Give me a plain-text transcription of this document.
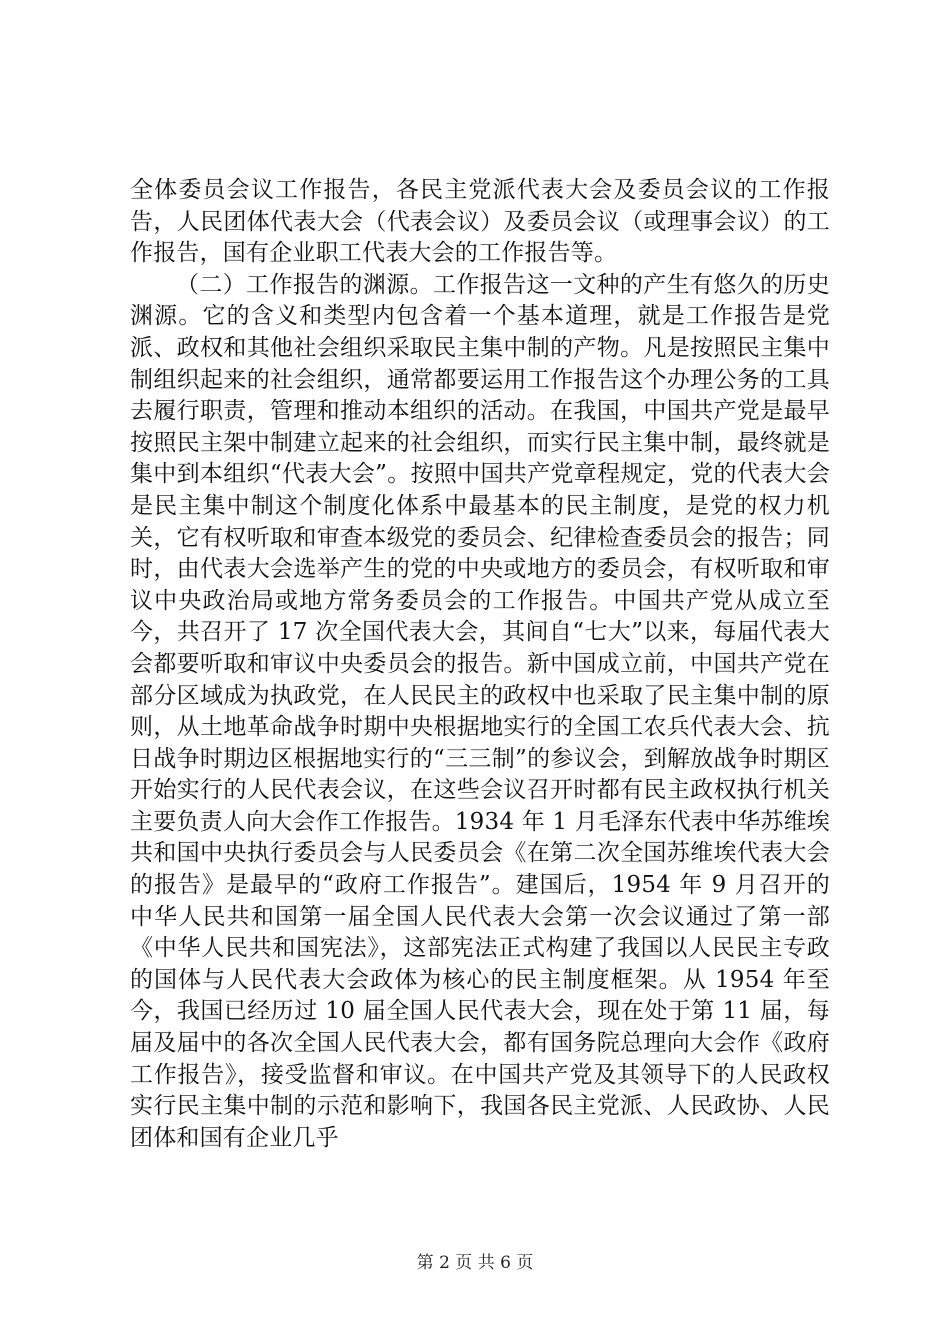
全体委员会议工作报告，各民主党派代表大会及委员会议的工作报告，人民团体代表大会（代表会议）及委员会议（或理事会议）的工作报告，国有企业职工代表大会的工作报告等。

（二）工作报告的渊源。工作报告这一文种的产生有悠久的历史渊源。它的含义和类型内包含着一个基本道理，就是工作报告是党派、政权和其他社会组织采取民主集中制的产物。凡是按照民主集中制组织起来的社会组织，通常都要运用工作报告这个办理公务的工具去履行职责，管理和推动本组织的活动。在我国，中国共产党是最早按照民主架中制建立起来的社会组织，而实行民主集中制，最终就是集中到本组织“代表大会”。按照中国共产党章程规定，党的代表大会是民主集中制这个制度化体系中最基本的民主制度，是党的权力机关，它有权听取和审查本级党的委员会、纪律检查委员会的报告；同时，由代表大会选举产生的党的中央或地方的委员会，有权听取和审议中央政治局或地方常务委员会的工作报告。中国共产党从成立至今，共召开了 17 次全国代表大会，其间自“七大”以来，每届代表大会都要听取和审议中央委员会的报告。新中国成立前，中国共产党在部分区域成为执政党，在人民民主的政权中也采取了民主集中制的原则，从土地革命战争时期中央根据地实行的全国工农兵代表大会、抗日战争时期边区根据地实行的“三三制”的参议会，到解放战争时期区开始实行的人民代表会议，在这些会议召开时都有民主政权执行机关主要负责人向大会作工作报告。1934 年 1 月毛泽东代表中华苏维埃共和国中央执行委员会与人民委员会《在第二次全国苏维埃代表大会的报告》是最早的“政府工作报告”。建国后，1954 年 9 月召开的中华人民共和国第一届全国人民代表大会第一次会议通过了第一部《中华人民共和国宪法》，这部宪法正式构建了我国以人民民主专政的国体与人民代表大会政体为核心的民主制度框架。从 1954 年至今，我国已经历过 10 届全国人民代表大会，现在处于第 11 届，每届及届中的各次全国人民代表大会，都有国务院总理向大会作《政府工作报告》，接受监督和审议。在中国共产党及其领导下的人民政权实行民主集中制的示范和影响下，我国各民主党派、人民政协、人民团体和国有企业几乎

第 2 页 共 6 页
